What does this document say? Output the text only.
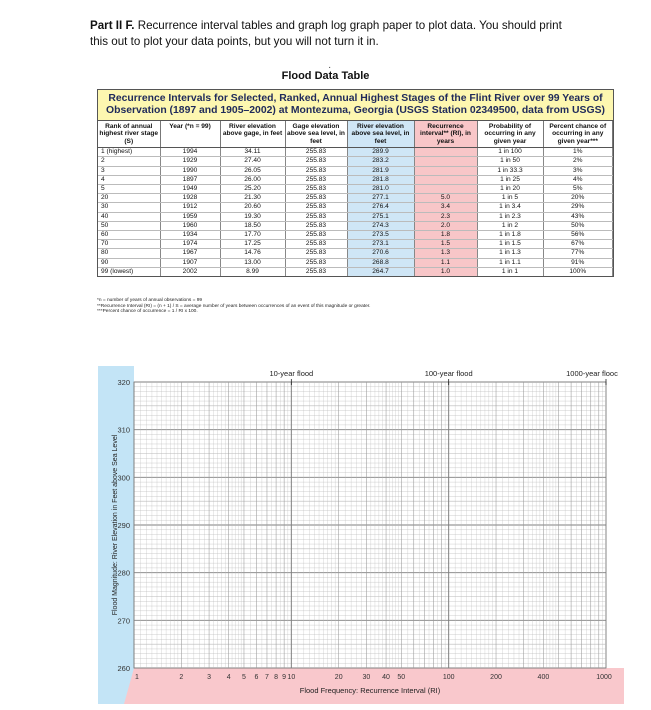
Part II F. Recurrence interval tables and graph log graph paper to plot data. You should print this out to plot your data points, but you will not turn it in.
·
Flood Data Table
Recurrence Intervals for Selected, Ranked, Annual Highest Stages of the Flint River over 99 Years of
Observation (1897 and 1905–2002) at Montezuma, Georgia (USGS Station 02349500, data from USGS)
Rank of annual highest river stage (S)	Year (*n = 99)	River elevation above gage, in feet	Gage elevation above sea level, in feet	River elevation above sea level, in feet	Recurrence interval** (RI), in years	Probability of occurring in any given year	Percent chance of occurring in any given year***
1 (highest)	1994	34.11	255.83	289.9		1 in 100	1%
2	1929	27.40	255.83	283.2		1 in 50	2%
3	1990	26.05	255.83	281.9		1 in 33.3	3%
4	1897	26.00	255.83	281.8		1 in 25	4%
5	1949	25.20	255.83	281.0		1 in 20	5%
20	1928	21.30	255.83	277.1	5.0	1 in 5	20%
30	1912	20.60	255.83	276.4	3.4	1 in 3.4	29%
40	1959	19.30	255.83	275.1	2.3	1 in 2.3	43%
50	1960	18.50	255.83	274.3	2.0	1 in 2	50%
60	1934	17.70	255.83	273.5	1.8	1 in 1.8	56%
70	1974	17.25	255.83	273.1	1.5	1 in 1.5	67%
80	1967	14.76	255.83	270.6	1.3	1 in 1.3	77%
90	1907	13.00	255.83	268.8	1.1	1 in 1.1	91%
99 (lowest)	2002	8.99	255.83	264.7	1.0	1 in 1	100%
*n = number of years of annual observations = 99
**Recurrence Interval (RI) = (n + 1) / S = average number of years between occurrences of an event of this magnitude or greater.
***Percent chance of occurrence = 1 / RI x 100.
320
310
300
290
280
270
260
1	2	3 4 5 6 7 8 9 10	20	30 40 50	100	200	400	1000
Flood Magnitude: River Elevation in Feet above Sea Level
Flood Frequency: Recurrence Interval (RI)
10-year flood	100-year flood	1000-year flooc
